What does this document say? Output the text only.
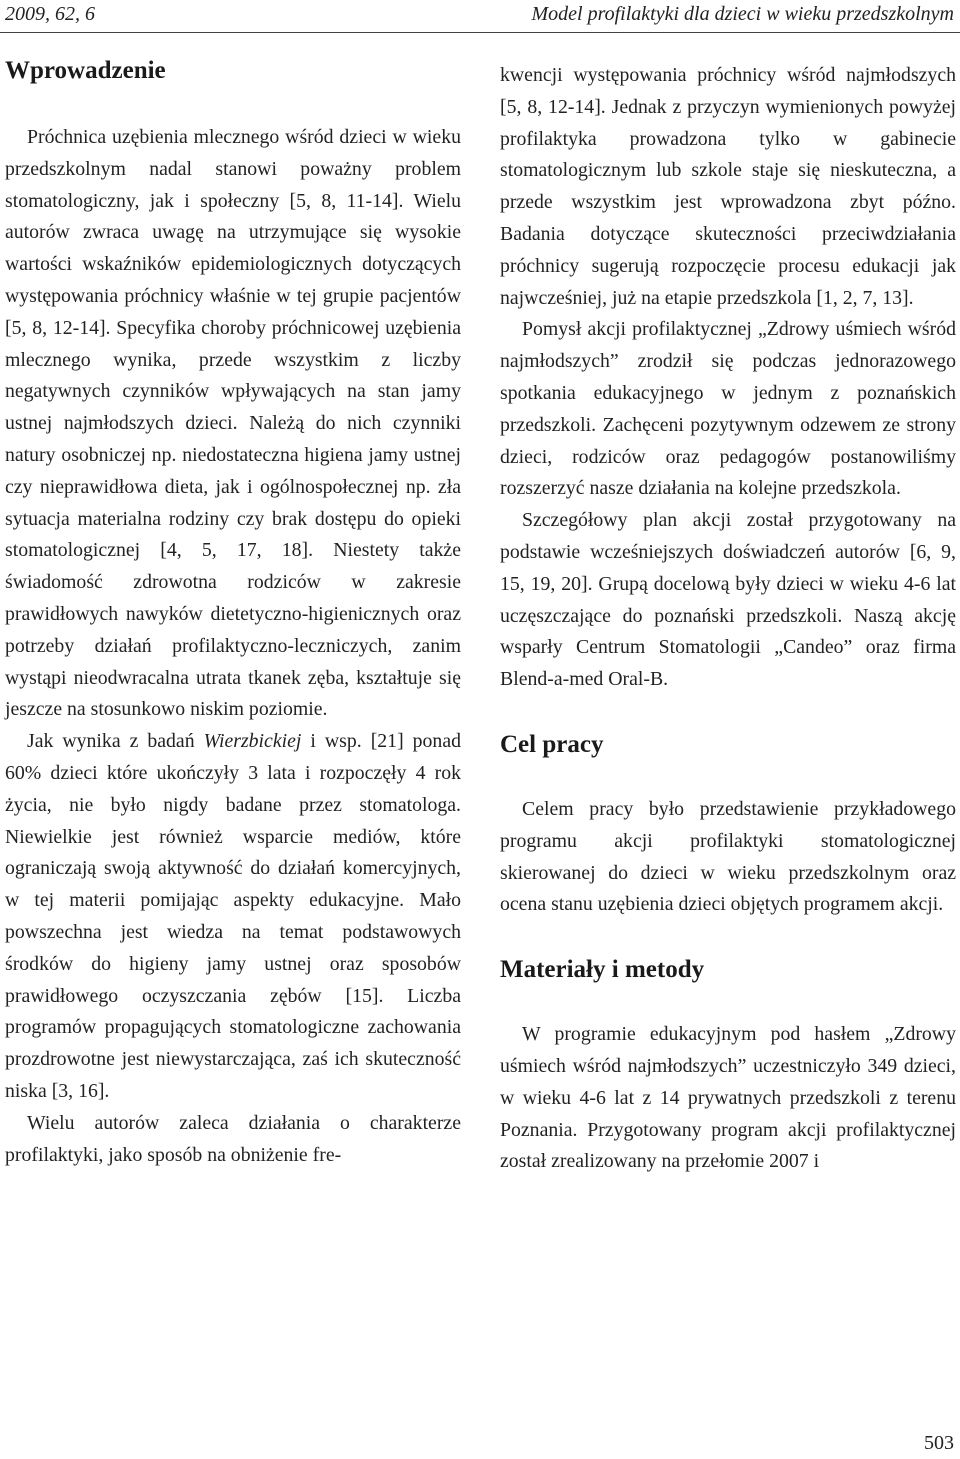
2009, 62, 6	Model profilaktyki dla dzieci w wieku przedszkolnym
Wprowadzenie

Próchnica uzębienia mlecznego wśród dzieci w wieku przedszkolnym nadal stanowi poważny problem stomatologiczny, jak i społeczny [5, 8, 11-14]. Wielu autorów zwraca uwagę na utrzymujące się wysokie wartości wskaźników epidemiologicznych dotyczących występowania próchnicy właśnie w tej grupie pacjentów [5, 8, 12-14]. Specyfika choroby próchnicowej uzębienia mlecznego wynika, przede wszystkim z liczby negatywnych czynników wpływających na stan jamy ustnej najmłodszych dzieci. Należą do nich czynniki natury osobniczej np. niedostateczna higiena jamy ustnej czy nieprawidłowa dieta, jak i ogólnospołecznej np. zła sytuacja materialna rodziny czy brak dostępu do opieki stomatologicznej [4, 5, 17, 18]. Niestety także świadomość zdrowotna rodziców w zakresie prawidłowych nawyków dietetyczno-higienicznych oraz potrzeby działań profilaktyczno-leczniczych, zanim wystąpi nieodwracalna utrata tkanek zęba, kształtuje się jeszcze na stosunkowo niskim poziomie.

Jak wynika z badań Wierzbickiej i wsp. [21] ponad 60% dzieci które ukończyły 3 lata i rozpoczęły 4 rok życia, nie było nigdy badane przez stomatologa. Niewielkie jest również wsparcie mediów, które ograniczają swoją aktywność do działań komercyjnych, w tej materii pomijając aspekty edukacyjne. Mało powszechna jest wiedza na temat podstawowych środków do higieny jamy ustnej oraz sposobów prawidłowego oczyszczania zębów [15]. Liczba programów propagujących stomatologiczne zachowania prozdrowotne jest niewystarczająca, zaś ich skuteczność niska [3, 16].

Wielu autorów zaleca działania o charakterze profilaktyki, jako sposób na obniżenie fre-

kwencji występowania próchnicy wśród najmłodszych [5, 8, 12-14]. Jednak z przyczyn wymienionych powyżej profilaktyka prowadzona tylko w gabinecie stomatologicznym lub szkole staje się nieskuteczna, a przede wszystkim jest wprowadzona zbyt późno. Badania dotyczące skuteczności przeciwdziałania próchnicy sugerują rozpoczęcie procesu edukacji jak najwcześniej, już na etapie przedszkola [1, 2, 7, 13].

Pomysł akcji profilaktycznej „Zdrowy uśmiech wśród najmłodszych” zrodził się podczas jednorazowego spotkania edukacyjnego w jednym z poznańskich przedszkoli. Zachęceni pozytywnym odzewem ze strony dzieci, rodziców oraz pedagogów postanowiliśmy rozszerzyć nasze działania na kolejne przedszkola.

Szczegółowy plan akcji został przygotowany na podstawie wcześniejszych doświadczeń autorów [6, 9, 15, 19, 20]. Grupą docelową były dzieci w wieku 4-6 lat uczęszczające do poznański przedszkoli. Naszą akcję wsparły Centrum Stomatologii „Candeo” oraz firma Blend-a-med Oral-B.

Cel pracy

Celem pracy było przedstawienie przykładowego programu akcji profilaktyki stomatologicznej skierowanej do dzieci w wieku przedszkolnym oraz ocena stanu uzębienia dzieci objętych programem akcji.

Materiały i metody

W programie edukacyjnym pod hasłem „Zdrowy uśmiech wśród najmłodszych” uczestniczyło 349 dzieci, w wieku 4-6 lat z 14 prywatnych przedszkoli z terenu Poznania. Przygotowany program akcji profilaktycznej został zrealizowany na przełomie 2007 i

503
